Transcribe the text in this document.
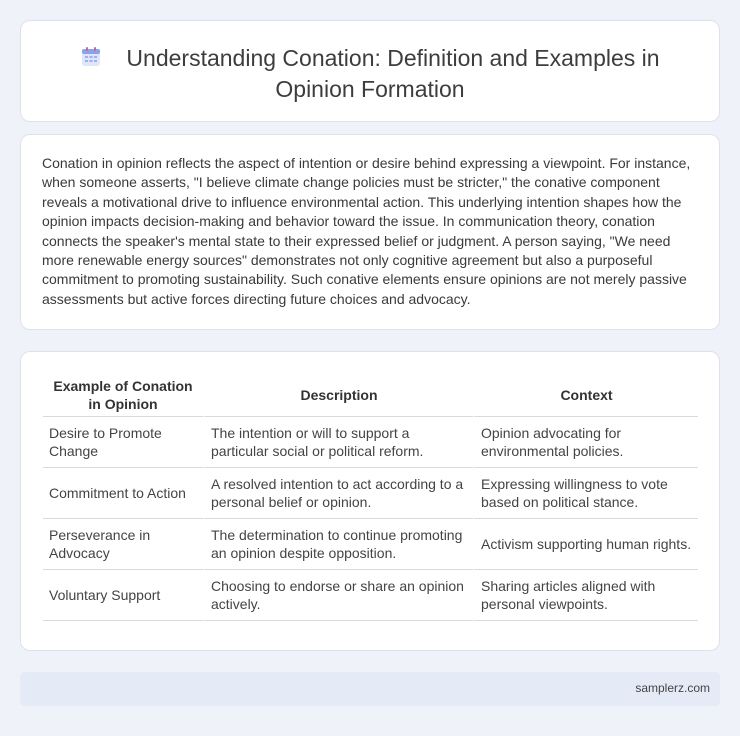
Understanding Conation: Definition and Examples in Opinion Formation

Conation in opinion reflects the aspect of intention or desire behind expressing a viewpoint. For instance, when someone asserts, "I believe climate change policies must be stricter," the conative component reveals a motivational drive to influence environmental action. This underlying intention shapes how the opinion impacts decision-making and behavior toward the issue. In communication theory, conation connects the speaker's mental state to their expressed belief or judgment. A person saying, "We need more renewable energy sources" demonstrates not only cognitive agreement but also a purposeful commitment to promoting sustainability. Such conative elements ensure opinions are not merely passive assessments but active forces directing future choices and advocacy.

Example of Conation in Opinion	Description	Context
Desire to Promote Change	The intention or will to support a particular social or political reform.	Opinion advocating for environmental policies.
Commitment to Action	A resolved intention to act according to a personal belief or opinion.	Expressing willingness to vote based on political stance.
Perseverance in Advocacy	The determination to continue promoting an opinion despite opposition.	Activism supporting human rights.
Voluntary Support	Choosing to endorse or share an opinion actively.	Sharing articles aligned with personal viewpoints.
samplerz.com
